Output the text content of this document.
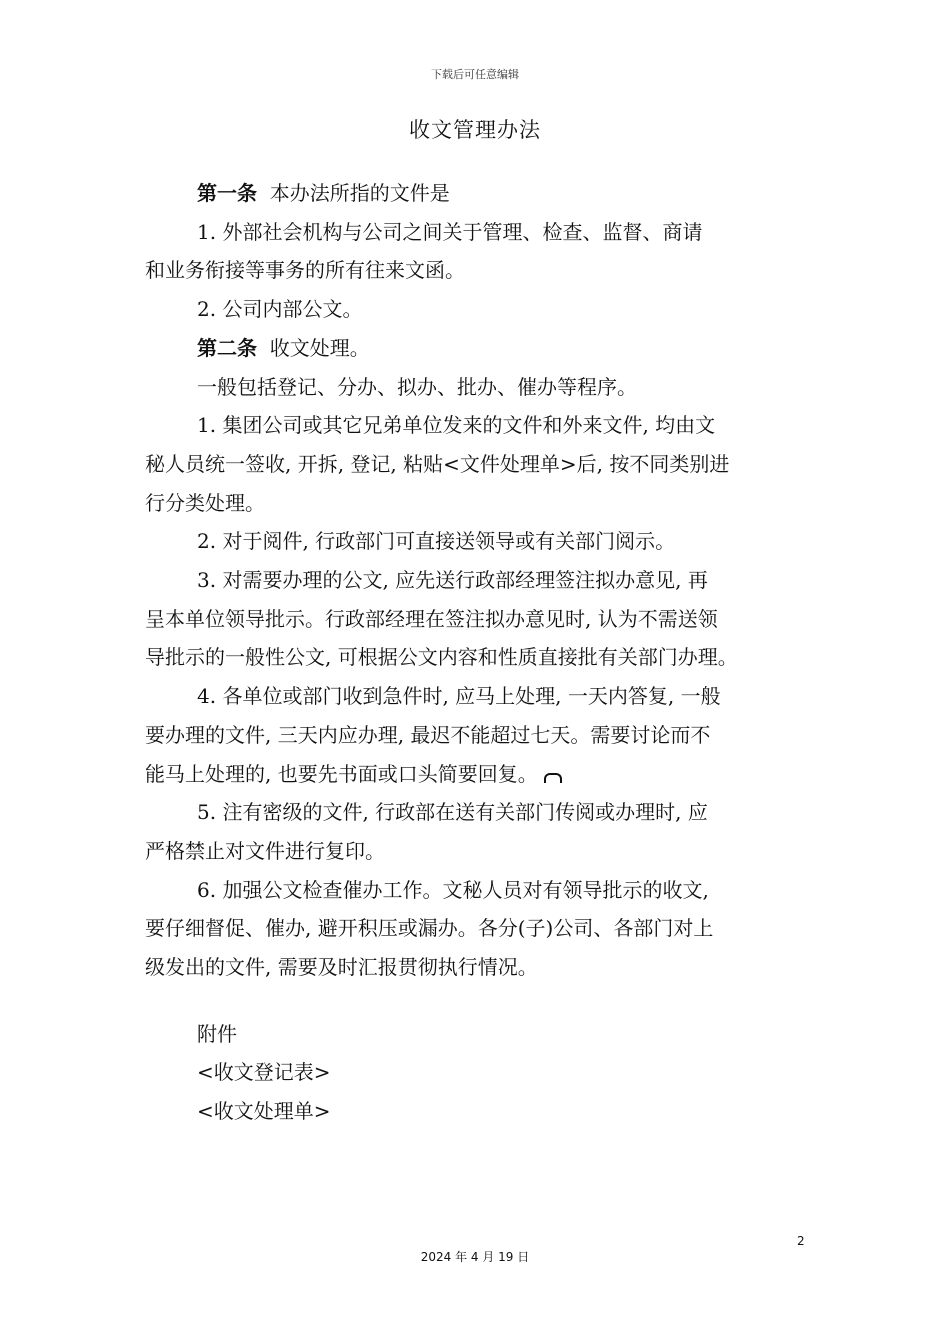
下载后可任意编辑
收文管理办法

第一条 本办法所指的文件是

1. 外部社会机构与公司之间关于管理、检查、监督、商请

和业务衔接等事务的所有往来文函。

2. 公司内部公文。

第二条 收文处理。

一般包括登记、分办、拟办、批办、催办等程序。

1. 集团公司或其它兄弟单位发来的文件和外来文件, 均由文

秘人员统一签收, 开拆, 登记, 粘贴<文件处理单>后, 按不同类别进

行分类处理。

2. 对于阅件, 行政部门可直接送领导或有关部门阅示。

3. 对需要办理的公文, 应先送行政部经理签注拟办意见, 再

呈本单位领导批示。行政部经理在签注拟办意见时, 认为不需送领

导批示的一般性公文, 可根据公文内容和性质直接批有关部门办理。

4. 各单位或部门收到急件时, 应马上处理, 一天内答复, 一般

要办理的文件, 三天内应办理, 最迟不能超过七天。需要讨论而不

能马上处理的, 也要先书面或口头简要回复。

5. 注有密级的文件, 行政部在送有关部门传阅或办理时, 应

严格禁止对文件进行复印。

6. 加强公文检查催办工作。文秘人员对有领导批示的收文,

要仔细督促、催办, 避开积压或漏办。各分(子)公司、各部门对上

级发出的文件, 需要及时汇报贯彻执行情况。

附件

<收文登记表>

<收文处理单>

2
2024 年 4 月 19 日
